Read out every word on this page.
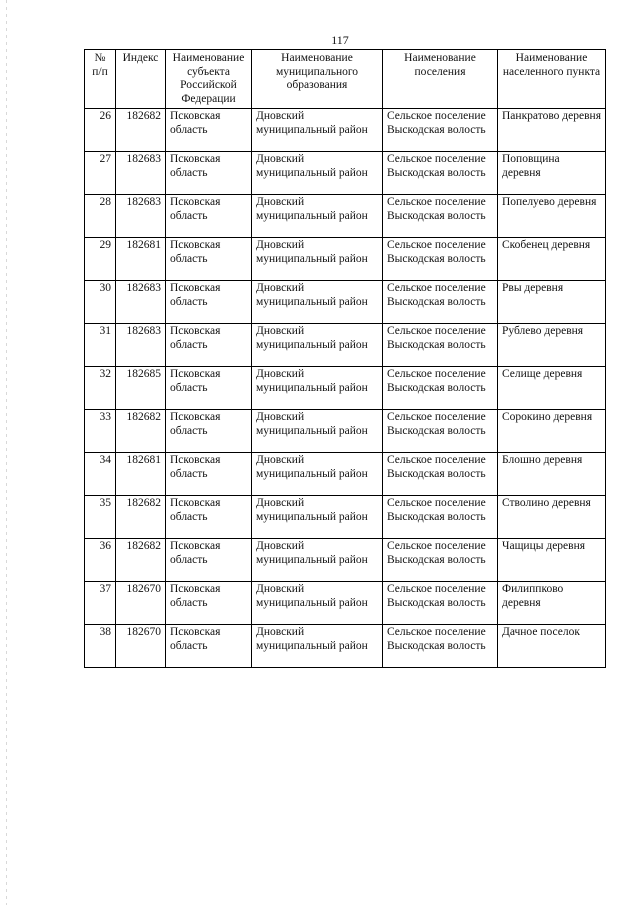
117
№ п/п	Индекс	Наименование субъекта Российской Федерации	Наименование муниципального образования	Наименование поселения	Наименование населенного пункта
26	182682	Псковская область	Дновский муниципальный район	Сельское поселение Выскодская волость	Панкратово деревня
27	182683	Псковская область	Дновский муниципальный район	Сельское поселение Выскодская волость	Поповщина деревня
28	182683	Псковская область	Дновский муниципальный район	Сельское поселение Выскодская волость	Попелуево деревня
29	182681	Псковская область	Дновский муниципальный район	Сельское поселение Выскодская волость	Скобенец деревня
30	182683	Псковская область	Дновский муниципальный район	Сельское поселение Выскодская волость	Рвы деревня
31	182683	Псковская область	Дновский муниципальный район	Сельское поселение Выскодская волость	Рублево деревня
32	182685	Псковская область	Дновский муниципальный район	Сельское поселение Выскодская волость	Селище деревня
33	182682	Псковская область	Дновский муниципальный район	Сельское поселение Выскодская волость	Сорокино деревня
34	182681	Псковская область	Дновский муниципальный район	Сельское поселение Выскодская волость	Блошно деревня
35	182682	Псковская область	Дновский муниципальный район	Сельское поселение Выскодская волость	Стволино деревня
36	182682	Псковская область	Дновский муниципальный район	Сельское поселение Выскодская волость	Чащицы деревня
37	182670	Псковская область	Дновский муниципальный район	Сельское поселение Выскодская волость	Филиппково деревня
38	182670	Псковская область	Дновский муниципальный район	Сельское поселение Выскодская волость	Дачное поселок
